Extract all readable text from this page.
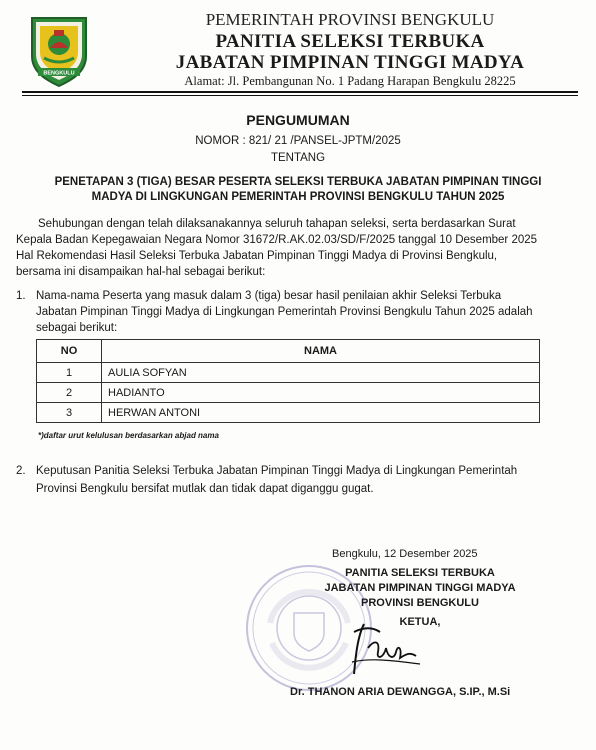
BENGKULU
PEMERINTAH PROVINSI BENGKULU
PANITIA SELEKSI TERBUKA
JABATAN PIMPINAN TINGGI MADYA
Alamat: Jl. Pembangunan No. 1 Padang Harapan Bengkulu 28225
PENGUMUMAN
NOMOR : 821/ 21 /PANSEL-JPTM/2025
TENTANG
PENETAPAN 3 (TIGA) BESAR PESERTA SELEKSI TERBUKA JABATAN PIMPINAN TINGGI
MADYA DI LINGKUNGAN PEMERINTAH PROVINSI BENGKULU TAHUN 2025
Sehubungan dengan telah dilaksanakannya seluruh tahapan seleksi, serta berdasarkan Surat
Kepala Badan Kepegawaian Negara Nomor 31672/R.AK.02.03/SD/F/2025 tanggal 10 Desember 2025
Hal Rekomendasi Hasil Seleksi Terbuka Jabatan Pimpinan Tinggi Madya di Provinsi Bengkulu,
bersama ini disampaikan hal-hal sebagai berikut:
1. Nama-nama Peserta yang masuk dalam 3 (tiga) besar hasil penilaian akhir Seleksi Terbuka
Jabatan Pimpinan Tinggi Madya di Lingkungan Pemerintah Provinsi Bengkulu Tahun 2025 adalah
sebagai berikut:
NO	NAMA
1	AULIA SOFYAN
2	HADIANTO
3	HERWAN ANTONI
*)daftar urut kelulusan berdasarkan abjad nama
2. Keputusan Panitia Seleksi Terbuka Jabatan Pimpinan Tinggi Madya di Lingkungan Pemerintah
Provinsi Bengkulu bersifat mutlak dan tidak dapat diganggu gugat.
Bengkulu, 12 Desember 2025
PANITIA SELEKSI TERBUKA
JABATAN PIMPINAN TINGGI MADYA
PROVINSI BENGKULU
KETUA,
Dr. THANON ARIA DEWANGGA, S.IP., M.Si
